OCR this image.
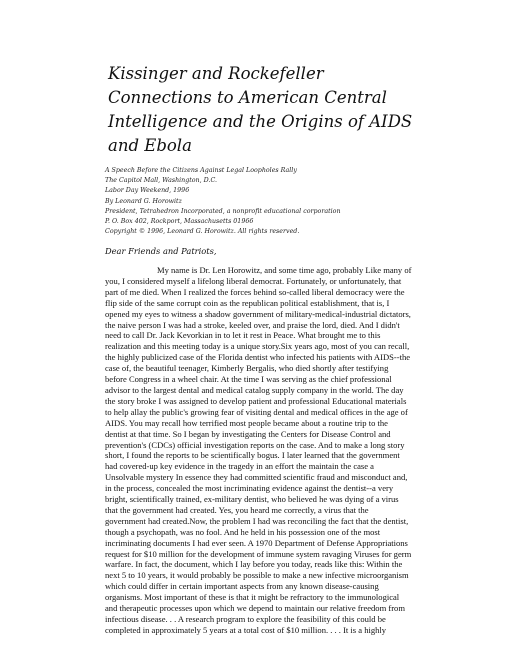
Kissinger and Rockefeller
Connections to American Central
Intelligence and the Origins of AIDS
and Ebola
A Speech Before the Citizens Against Legal Loopholes Rally
The Capitol Mall, Washington, D.C.
Labor Day Weekend, 1996
By Leonard G. Horowitz
President, Tetrahedron Incorporated, a nonprofit educational corporation
P. O. Box 402, Rockport, Massachusetts 01966
Copyright © 1996, Leonard G. Horowitz. All rights reserved.
Dear Friends and Patriots,
My name is Dr. Len Horowitz, and some time ago, probably Like many of
you, I considered myself a lifelong liberal democrat. Fortunately, or unfortunately, that
part of me died. When I realized the forces behind so-called liberal democracy were the
flip side of the same corrupt coin as the republican political establishment, that is, I
opened my eyes to witness a shadow government of military-medical-industrial dictators,
the naive person I was had a stroke, keeled over, and praise the lord, died. And I didn't
need to call Dr. Jack Kevorkian in to let it rest in Peace. What brought me to this
realization and this meeting today is a unique story.Six years ago, most of you can recall,
the highly publicized case of the Florida dentist who infected his patients with AIDS--the
case of, the beautiful teenager, Kimberly Bergalis, who died shortly after testifying
before Congress in a wheel chair. At the time I was serving as the chief professional
advisor to the largest dental and medical catalog supply company in the world. The day
the story broke I was assigned to develop patient and professional Educational materials
to help allay the public's growing fear of visiting dental and medical offices in the age of
AIDS. You may recall how terrified most people became about a routine trip to the
dentist at that time. So I began by investigating the Centers for Disease Control and
prevention's (CDCs) official investigation reports on the case. And to make a long story
short, I found the reports to be scientifically bogus. I later learned that the government
had covered-up key evidence in the tragedy in an effort the maintain the case a
Unsolvable mystery In essence they had committed scientific fraud and misconduct and,
in the process, concealed the most incriminating evidence against the dentist--a very
bright, scientifically trained, ex-military dentist, who believed he was dying of a virus
that the government had created. Yes, you heard me correctly, a virus that the
government had created.Now, the problem I had was reconciling the fact that the dentist,
though a psychopath, was no fool. And he held in his possession one of the most
incriminating documents I had ever seen. A 1970 Department of Defense Appropriations
request for $10 million for the development of immune system ravaging Viruses for germ
warfare. In fact, the document, which I lay before you today, reads like this: Within the
next 5 to 10 years, it would probably be possible to make a new infective microorganism
which could differ in certain important aspects from any known disease-causing
organisms. Most important of these is that it might be refractory to the immunological
and therapeutic processes upon which we depend to maintain our relative freedom from
infectious disease. . . A research program to explore the feasibility of this could be
completed in approximately 5 years at a total cost of $10 million. . . . It is a highly
